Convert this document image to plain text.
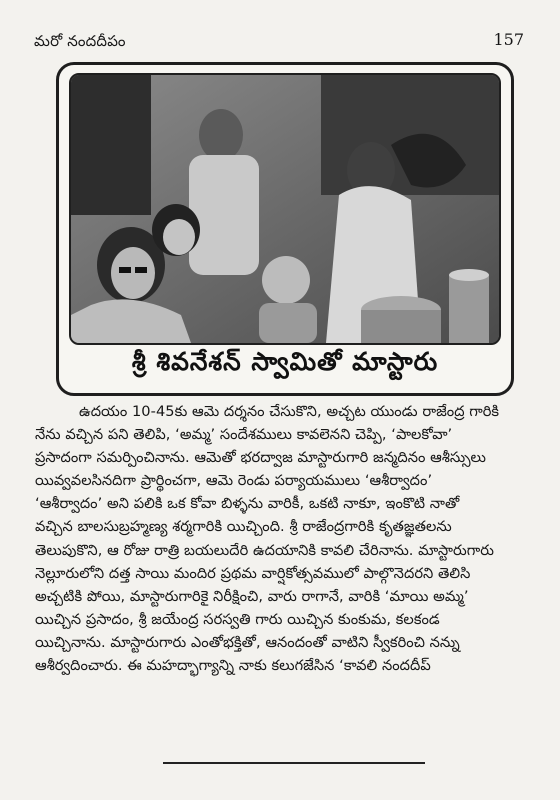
మరో నందదీపం	157
శ్రీ శివనేశన్ స్వామితో మాస్టారు
ఉదయం 10-45కు ఆమె దర్శనం చేసుకొని, అచ్చట యుండు రాజేంద్ర గారికి
నేను వచ్చిన పని తెలిపి, ‘అమ్మ’ సందేశములు కావలెనని చెప్పి, ‘పాలకోవా’
ప్రసాదంగా సమర్పించినాను. ఆమెతో భరద్వాజ మాస్టారుగారి జన్మదినం ఆశీస్సులు
యివ్వవలసినదిగా ప్రార్థించగా, ఆమె రెండు పర్యాయములు ‘ఆశీర్వాదం’
‘ఆశీర్వాదం’ అని పలికి ఒక కోవా బిళ్ళను వారికీ, ఒకటి నాకూ, ఇంకొటి నాతో
వచ్చిన బాలసుబ్రహ్మణ్య శర్మగారికి యిచ్చింది. శ్రీ రాజేంద్రగారికి కృతజ్ఞతలను
తెలుపుకొని, ఆ రోజు రాత్రి బయలుదేరి ఉదయానికి కావలి చేరినాను. మాస్టారుగారు
నెల్లూరులోని దత్త సాయి మందిర ప్రథమ వార్షికోత్సవములో పాల్గొనెదరని తెలిసి
అచ్చటికి పోయి, మాస్టారుగారికై నిరీక్షించి, వారు రాగానే, వారికి ‘మాయి అమ్మ’
యిచ్చిన ప్రసాదం, శ్రీ జయేంద్ర సరస్వతి గారు యిచ్చిన కుంకుమ, కలకండ
యిచ్చినాను. మాస్టారుగారు ఎంతోభక్తితో, ఆనందంతో వాటిని స్వీకరించి నన్ను
ఆశీర్వదించారు. ఈ మహద్భాగ్యాన్ని నాకు కలుగజేసిన ‘కావలి నందదీప్
